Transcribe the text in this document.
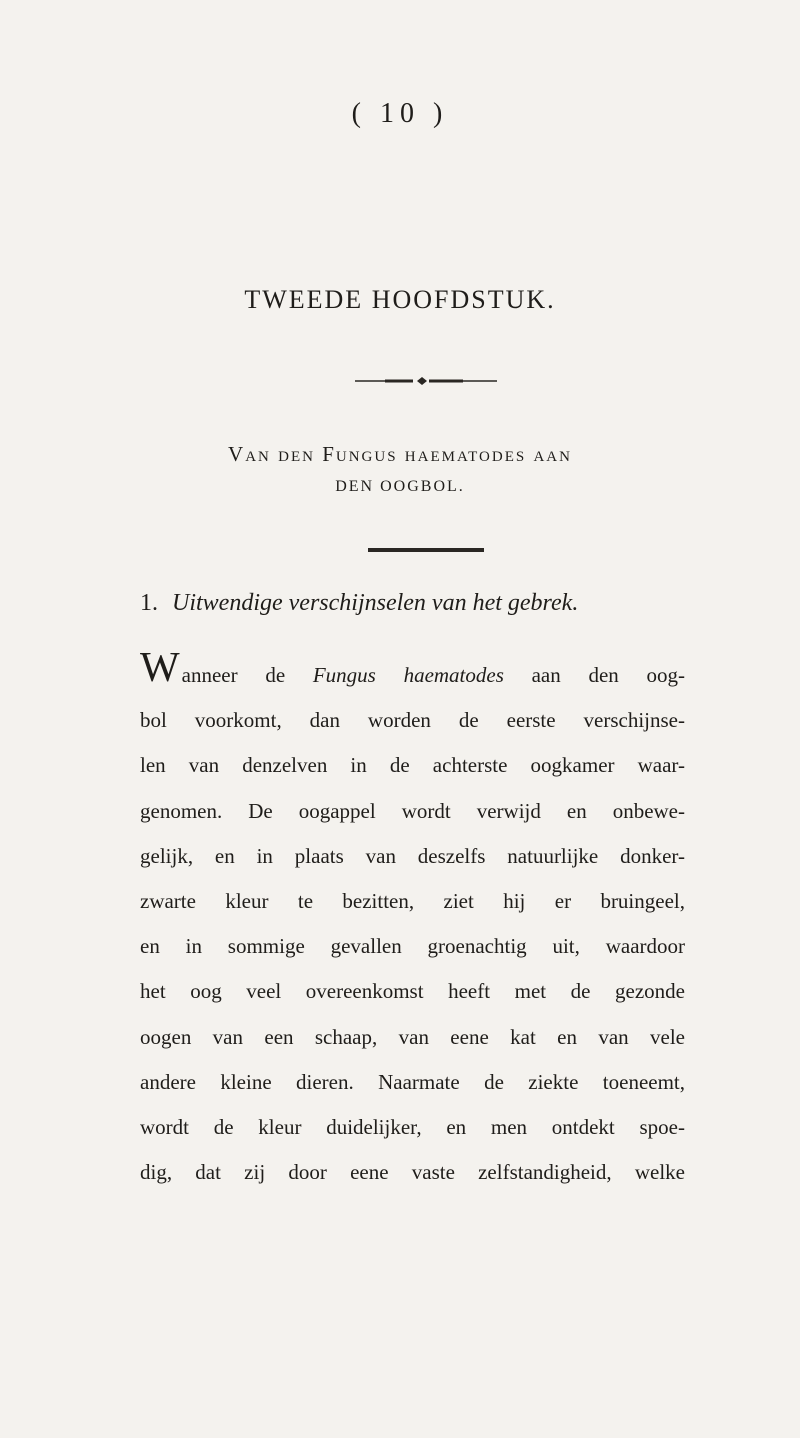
( 10 )
TWEEDE HOOFDSTUK.
Van den Fungus haematodes aan
DEN OOGBOL.
1. Uitwendige verschijnselen van het gebrek.
Wanneer de Fungus haematodes aan den oog-
bol voorkomt, dan worden de eerste verschijnse-
len van denzelven in de achterste oogkamer waar-
genomen. De oogappel wordt verwijd en onbewe-
gelijk, en in plaats van deszelfs natuurlijke donker-
zwarte kleur te bezitten, ziet hij er bruingeel,
en in sommige gevallen groenachtig uit, waardoor
het oog veel overeenkomst heeft met de gezonde
oogen van een schaap, van eene kat en van vele
andere kleine dieren. Naarmate de ziekte toeneemt,
wordt de kleur duidelijker, en men ontdekt spoe-
dig, dat zij door eene vaste zelfstandigheid, welke
